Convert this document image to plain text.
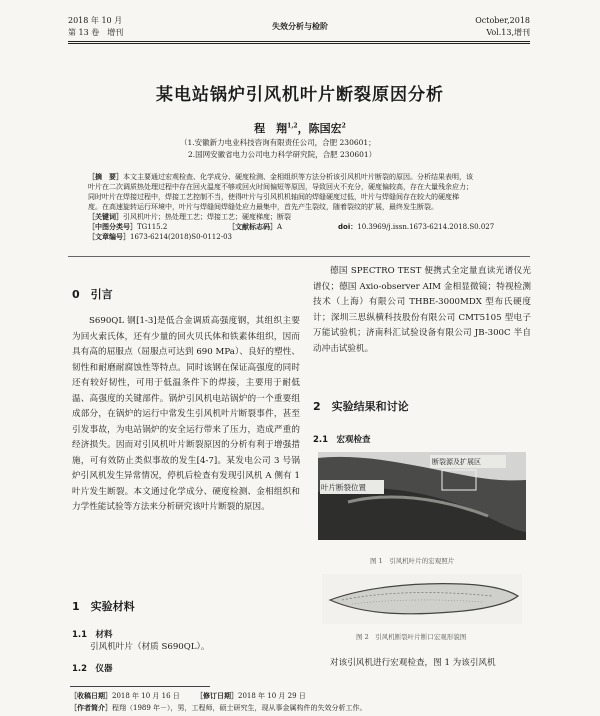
2018 年 10 月
第 13 卷　增刊
失效分析与检阶
October,2018
Vol.13,增刊
某电站锅炉引风机叶片断裂原因分析
程　翔$^{1,2}$，陈国宏$^2$
（1.安徽新力电业科技咨询有限责任公司，合肥 230601；
2.国网安徽省电力公司电力科学研究院，合肥 230601）
［摘　要］本文主要通过宏观检查、化学成分、硬度检测、金相组织等方法分析该引风机叶片断裂的原因。分析结果表明，该
叶片在二次调质热处理过程中存在回火温度不够或回火时间偏短等原因，导致回火不充分，硬度偏较高，存在大量残余应力；
同时叶片在焊接过程中，焊接工艺控制不当，使得叶片与引风机机轴间的焊缝硬度过低，叶片与焊缝间存在较大的硬度梯
度。在高速旋转运行环境中，叶片与焊缝间焊缝处应力最集中，首先产生裂纹，随着裂纹的扩展，最终发生断裂。
［关键词］引风机叶片；热处理工艺；焊接工艺；硬度梯度；断裂
［中图分类号］TG115.2	［文献标志码］A	doi：10.3969/j.issn.1673-6214.2018.S0.027
［文章编号］1673-6214(2018)S0-0112-03
0　引言
S690QL 钢[1-3]是低合金调质高强度钢，其组织主要为回火索氏体，还有少量的回火贝氏体和铁素体组织，因而具有高的屈服点（屈服点可达到 690 MPa）、良好的塑性、韧性和耐磨耐腐蚀性等特点。同时该钢在保证高强度的同时还有较好韧性，可用于低温条件下的焊接，主要用于耐低温、高强度的关键部件。锅炉引风机电站锅炉的一个重要组成部分，在锅炉的运行中常发生引风机叶片断裂事件，甚至引发事故，为电站锅炉的安全运行带来了压力，造成严重的经济损失。因而对引风机叶片断裂原因的分析有利于增强措施，可有效防止类似事故的发生[4-7]。某发电公司 3 号锅炉引风机发生异常情况，停机后检查有发现引风机 A 侧有 1 叶片发生断裂。本文通过化学成分、硬度检测、金相组织和力学性能试验等方法来分析研究该叶片断裂的原因。
1　实验材料
1.1　材料
引风机叶片（材质 S690QL）。
1.2　仪器
德国 SPECTRO TEST 便携式全定量直读光谱仪光谱仪；德国 Axio-observer AIM 金相显微镜；特视检测技术（上海）有限公司 THBE-3000MDX 型布氏硬度计；深圳三思纵横科技股份有限公司 CMT5105 型电子万能试验机；济南科汇试验设备有限公司 JB-300C 半自动冲击试验机。
2　实验结果和讨论
2.1　宏观检查
叶片断裂位置
断裂源及扩展区
图 1　引风机叶片的宏观照片
图 2　引风机断裂叶片断口宏观形貌图
对该引风机进行宏观检查，图 1 为该引风机
［收稿日期］2018 年 10 月 16 日 ［修订日期］2018 年 10 月 29 日
［作者简介］程翔（1989 年－），男，工程师，硕士研究生，现从事金属构件的失效分析工作。
